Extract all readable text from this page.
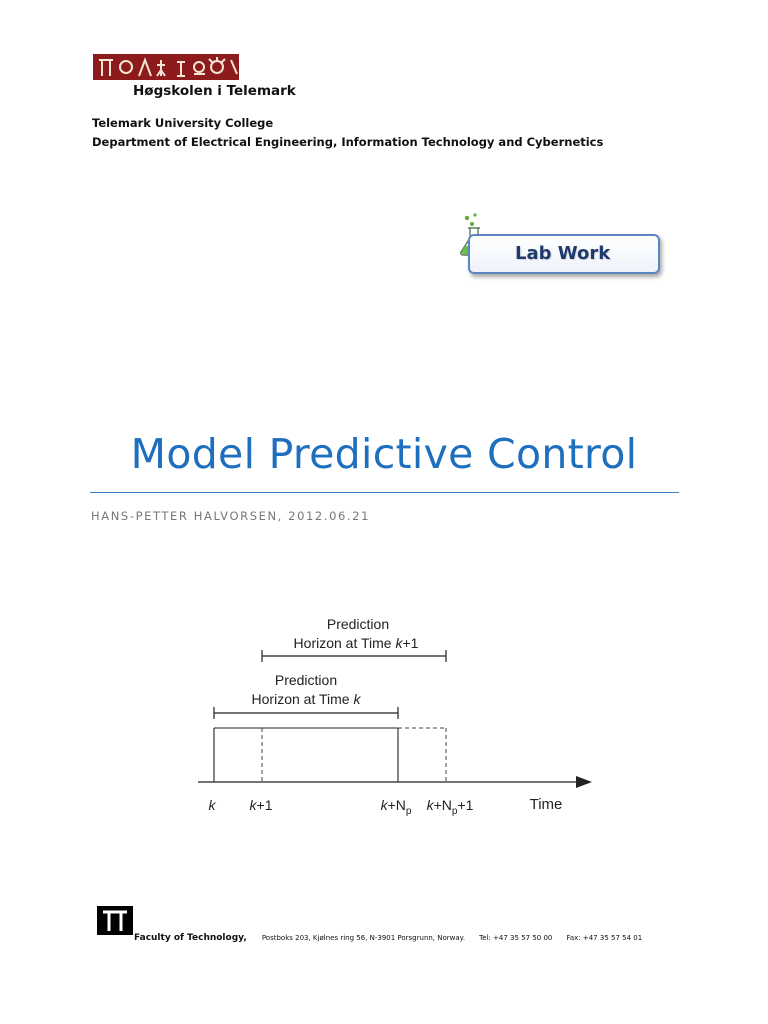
Høgskolen i Telemark
Telemark University College
Department of Electrical Engineering, Information Technology and Cybernetics
Lab Work
Model Predictive Control
HANS-PETTER HALVORSEN, 2012.06.21
Prediction
Horizon at Time k+1
Prediction
Horizon at Time k
k k+1	$k+N_p$ $k+N_p+1$	Time
Faculty of Technology, Postboks 203, Kjølnes ring 56, N-3901 Porsgrunn, Norway. Tel: +47 35 57 50 00 Fax: +47 35 57 54 01
